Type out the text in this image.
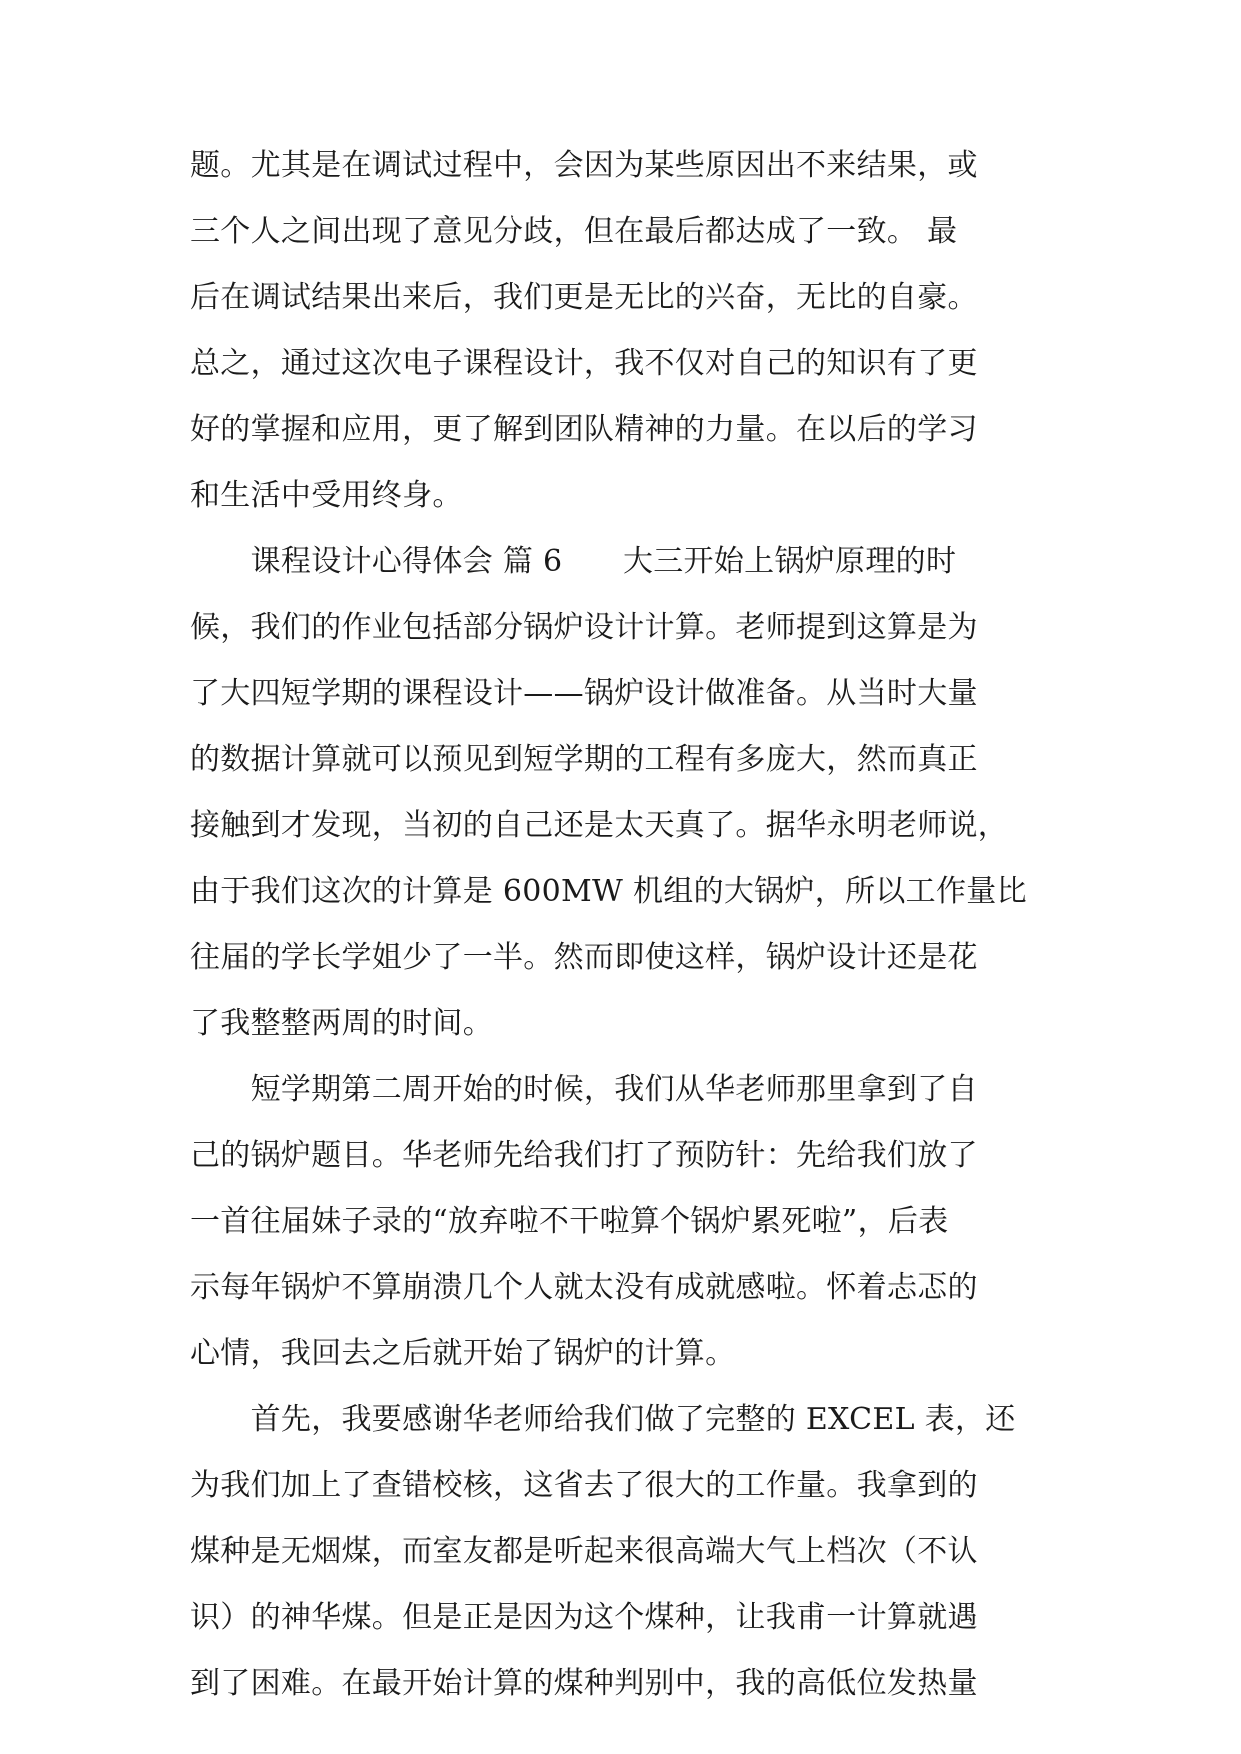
题。尤其是在调试过程中，会因为某些原因出不来结果，或
三个人之间出现了意见分歧，但在最后都达成了一致。 最
后在调试结果出来后，我们更是无比的兴奋，无比的自豪。
总之，通过这次电子课程设计，我不仅对自己的知识有了更
好的掌握和应用，更了解到团队精神的力量。在以后的学习
和生活中受用终身。
　　课程设计心得体会 篇 6　　大三开始上锅炉原理的时
候，我们的作业包括部分锅炉设计计算。老师提到这算是为
了大四短学期的课程设计——锅炉设计做准备。从当时大量
的数据计算就可以预见到短学期的工程有多庞大，然而真正
接触到才发现，当初的自己还是太天真了。据华永明老师说，
由于我们这次的计算是 600MW 机组的大锅炉，所以工作量比
往届的学长学姐少了一半。然而即使这样，锅炉设计还是花
了我整整两周的时间。
　　短学期第二周开始的时候，我们从华老师那里拿到了自
己的锅炉题目。华老师先给我们打了预防针：先给我们放了
一首往届妹子录的“放弃啦不干啦算个锅炉累死啦”，后表
示每年锅炉不算崩溃几个人就太没有成就感啦。怀着忐忑的
心情，我回去之后就开始了锅炉的计算。
　　首先，我要感谢华老师给我们做了完整的 EXCEL 表，还
为我们加上了查错校核，这省去了很大的工作量。我拿到的
煤种是无烟煤，而室友都是听起来很高端大气上档次（不认
识）的神华煤。但是正是因为这个煤种，让我甫一计算就遇
到了困难。在最开始计算的煤种判别中，我的高低位发热量
